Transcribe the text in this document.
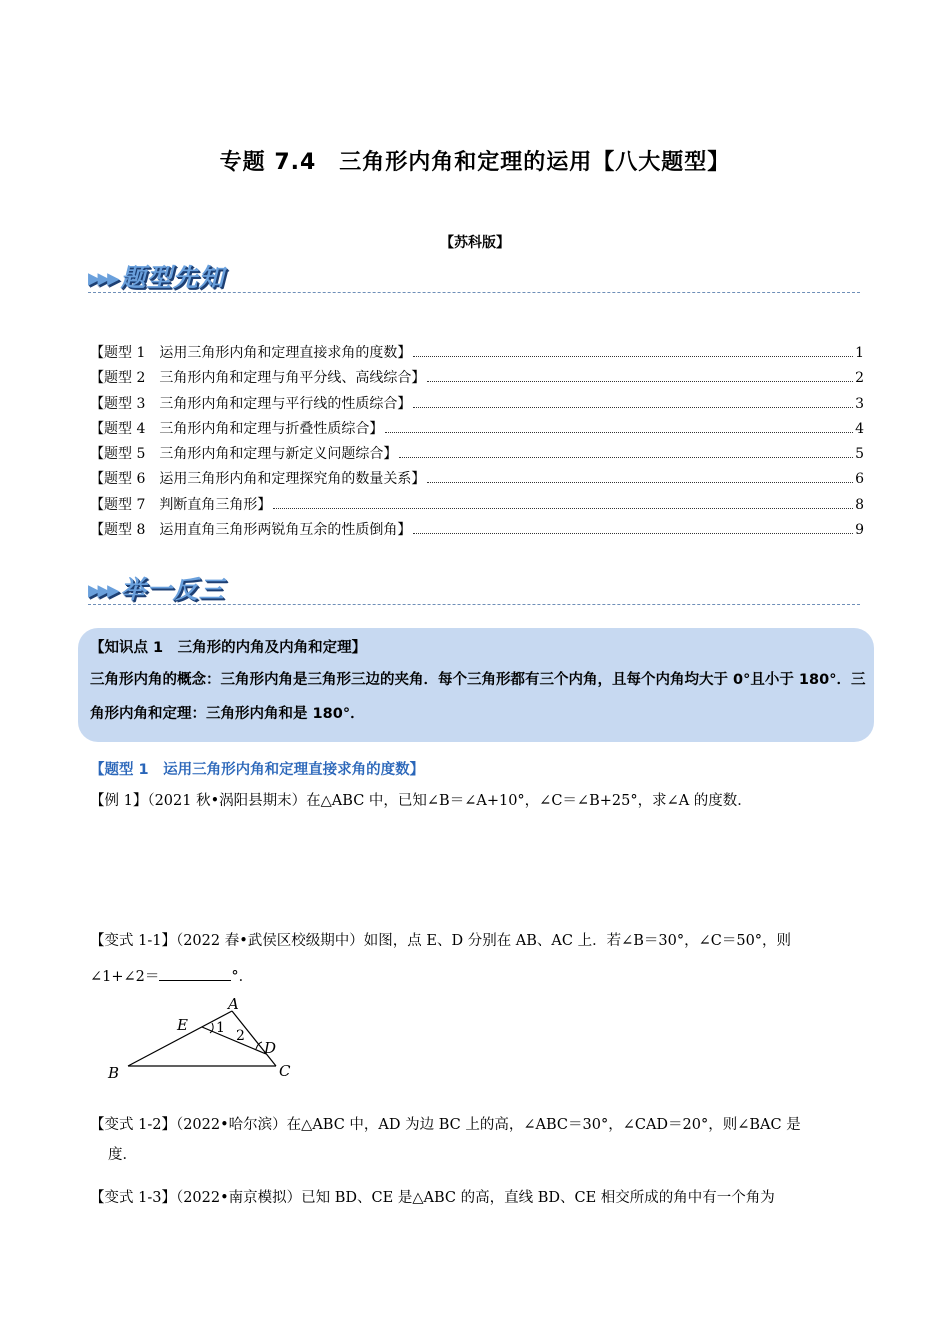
专题 7.4　三角形内角和定理的运用【八大题型】
【苏科版】
▸▸▸ 题型先知
【题型 1　运用三角形内角和定理直接求角的度数】	1
【题型 2　三角形内角和定理与角平分线、高线综合】	2
【题型 3　三角形内角和定理与平行线的性质综合】	3
【题型 4　三角形内角和定理与折叠性质综合】	4
【题型 5　三角形内角和定理与新定义问题综合】	5
【题型 6　运用三角形内角和定理探究角的数量关系】	6
【题型 7　判断直角三角形】	8
【题型 8　运用直角三角形两锐角互余的性质倒角】	9
▸▸▸ 举一反三
【知识点 1　三角形的内角及内角和定理】
三角形内角的概念：三角形内角是三角形三边的夹角．每个三角形都有三个内角，且每个内角均大于 0°且小于 180°．三角形内角和定理：三角形内角和是 180°．
【题型 1　运用三角形内角和定理直接求角的度数】
【例 1】（2021 秋•涡阳县期末）在△ABC 中，已知∠B＝∠A+10°，∠C＝∠B+25°，求∠A 的度数．
【变式 1-1】（2022 春•武侯区校级期中）如图，点 E、D 分别在 AB、AC 上．若∠B＝30°，∠C＝50°，则
∠1+∠2＝	°．
A
B	C
D
E 1 2
【变式 1-2】（2022•哈尔滨）在△ABC 中，AD 为边 BC 上的高，∠ABC＝30°，∠CAD＝20°，则∠BAC 是
度．
【变式 1-3】（2022•南京模拟）已知 BD、CE 是△ABC 的高，直线 BD、CE 相交所成的角中有一个角为
